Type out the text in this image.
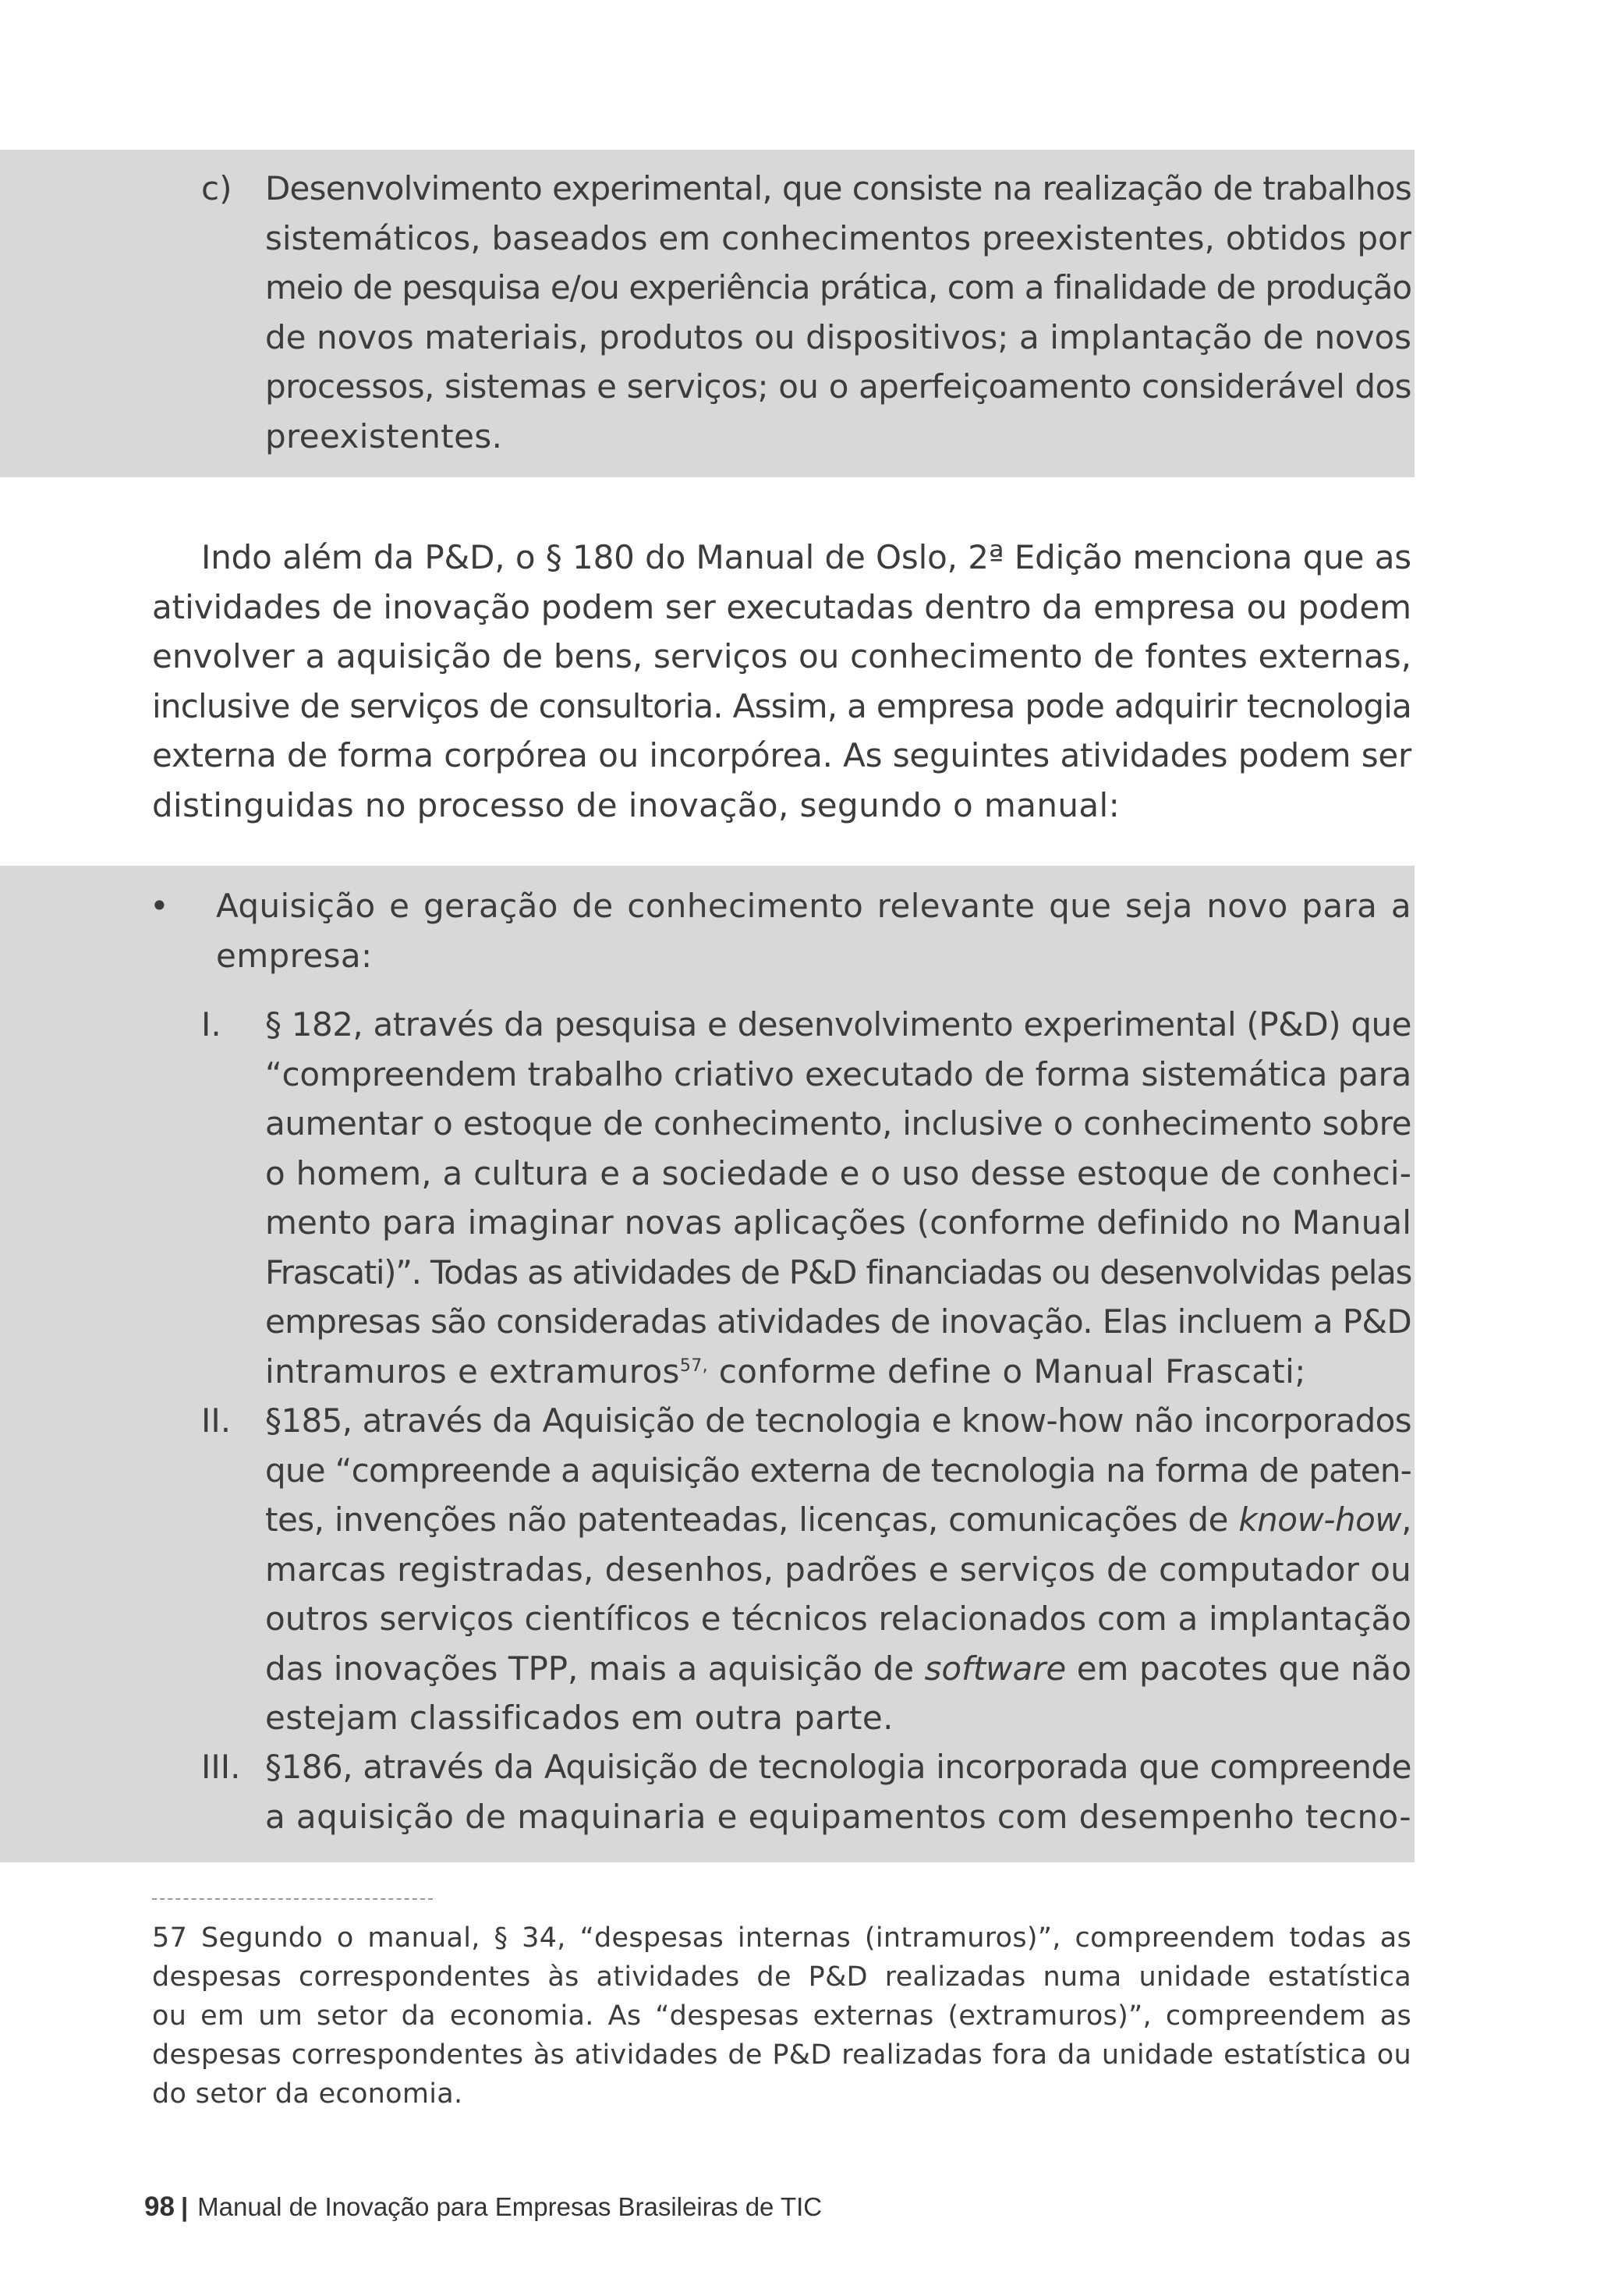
c) Desenvolvimento experimental, que consiste na realização de trabalhos
sistemáticos, baseados em conhecimentos preexistentes, obtidos por
meio de pesquisa e/ou experiência prática, com a finalidade de produção
de novos materiais, produtos ou dispositivos; a implantação de novos
processos, sistemas e serviços; ou o aperfeiçoamento considerável dos
preexistentes.
Indo além da P&D, o § 180 do Manual de Oslo, 2ª Edição menciona que as
atividades de inovação podem ser executadas dentro da empresa ou podem
envolver a aquisição de bens, serviços ou conhecimento de fontes externas,
inclusive de serviços de consultoria. Assim, a empresa pode adquirir tecnologia
externa de forma corpórea ou incorpórea. As seguintes atividades podem ser
distinguidas no processo de inovação, segundo o manual:
• Aquisição e geração de conhecimento relevante que seja novo para a
empresa:
I. § 182, através da pesquisa e desenvolvimento experimental (P&D) que
“compreendem trabalho criativo executado de forma sistemática para
aumentar o estoque de conhecimento, inclusive o conhecimento sobre
o homem, a cultura e a sociedade e o uso desse estoque de conheci-
mento para imaginar novas aplicações (conforme definido no Manual
Frascati)”. Todas as atividades de P&D financiadas ou desenvolvidas pelas
empresas são consideradas atividades de inovação. Elas incluem a P&D
intramuros e extramuros$^{57,}$ conforme define o Manual Frascati;
II. §185, através da Aquisição de tecnologia e know-how não incorporados
que “compreende a aquisição externa de tecnologia na forma de paten-
tes, invenções não patenteadas, licenças, comunicações de know-how,
marcas registradas, desenhos, padrões e serviços de computador ou
outros serviços científicos e técnicos relacionados com a implantação
das inovações TPP, mais a aquisição de software em pacotes que não
estejam classificados em outra parte.
III. §186, através da Aquisição de tecnologia incorporada que compreende
a aquisição de maquinaria e equipamentos com desempenho tecno-
57 Segundo o manual, § 34, “despesas internas (intramuros)”, compreendem todas as
despesas correspondentes às atividades de P&D realizadas numa unidade estatística
ou em um setor da economia. As “despesas externas (extramuros)”, compreendem as
despesas correspondentes às atividades de P&D realizadas fora da unidade estatística ou
do setor da economia.
98 | Manual de Inovação para Empresas Brasileiras de TIC
